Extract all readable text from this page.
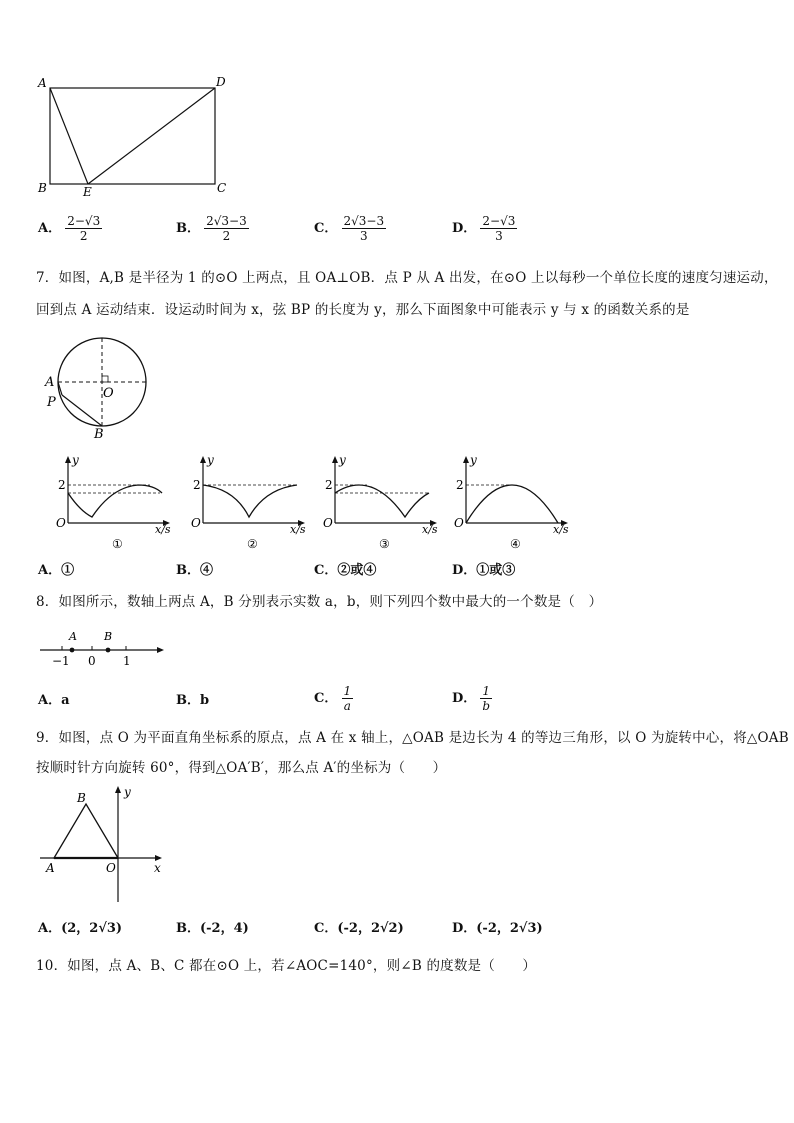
A	D
B	E	C
A． $\frac{2-√3}{2}$	B． $\frac{2√3-3}{2}$	C． $\frac{2√3-3}{3}$	D． $\frac{2-√3}{3}$
7．如图，A,B 是半径为 1 的⊙O 上两点，且 OA⊥OB．点 P 从 A 出发，在⊙O 上以每秒一个单位长度的速度匀速运动，
回到点 A 运动结束．设运动时间为 x，弦 BP 的长度为 y，那么下面图象中可能表示 y 与 x 的函数关系的是
A
O
P
B
y
2
O	x/s
①
y
2
O	x/s
②
y
2
O	x/s
③
y
2
O	x/s
④
A．①	B．④	C．②或④	D．①或③
8．如图所示，数轴上两点 A，B 分别表示实数 a，b，则下列四个数中最大的一个数是（　）
A B
−1 0 1
A．a	B．b	C． $\frac{1}{a}$	D． $\frac{1}{b}$
9．如图，点 O 为平面直角坐标系的原点，点 A 在 x 轴上，△OAB 是边长为 4 的等边三角形，以 O 为旋转中心，将△OAB
按顺时针方向旋转 60°，得到△OA′B′，那么点 A′的坐标为（　　）
B	y
A	O	x
A．(2，2√3)	B．(-2，4)	C．(-2，2√2)	D．(-2，2√3)
10．如图，点 A、B、C 都在⊙O 上，若∠AOC=140°，则∠B 的度数是（　　）
